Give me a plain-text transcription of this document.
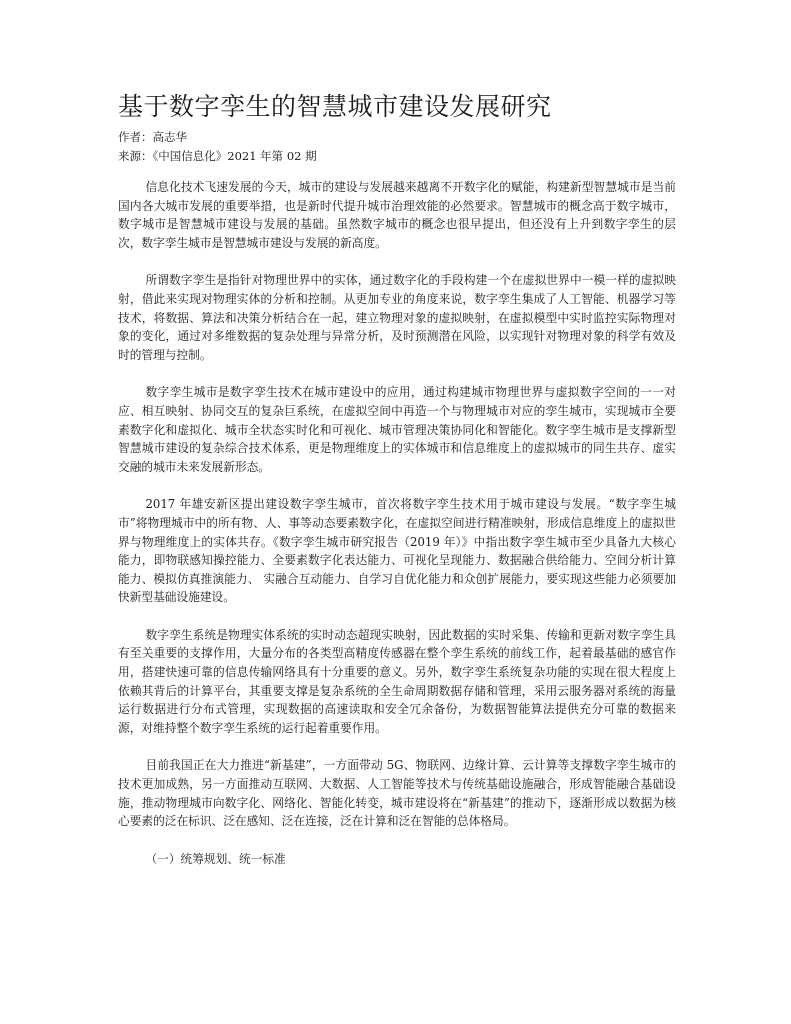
基于数字孪生的智慧城市建设发展研究
作者：高志华
来源：《中国信息化》2021 年第 02 期

信息化技术飞速发展的今天，城市的建设与发展越来越离不开数字化的赋能，构建新型智慧城市是当前国内各大城市发展的重要举措，也是新时代提升城市治理效能的必然要求。智慧城市的概念高于数字城市，数字城市是智慧城市建设与发展的基础。虽然数字城市的概念也很早提出，但还没有上升到数字孪生的层次，数字孪生城市是智慧城市建设与发展的新高度。

所谓数字孪生是指针对物理世界中的实体，通过数字化的手段构建一个在虚拟世界中一模一样的虚拟映射，借此来实现对物理实体的分析和控制。从更加专业的角度来说，数字孪生集成了人工智能、机器学习等技术，将数据、算法和决策分析结合在一起，建立物理对象的虚拟映射，在虚拟模型中实时监控实际物理对象的变化，通过对多维数据的复杂处理与异常分析，及时预测潜在风险，以实现针对物理对象的科学有效及时的管理与控制。

数字孪生城市是数字孪生技术在城市建设中的应用，通过构建城市物理世界与虚拟数字空间的一一对应、相互映射、协同交互的复杂巨系统，在虚拟空间中再造一个与物理城市对应的孪生城市，实现城市全要素数字化和虚拟化、城市全状态实时化和可视化、城市管理决策协同化和智能化。数字孪生城市是支撑新型智慧城市建设的复杂综合技术体系，更是物理维度上的实体城市和信息维度上的虚拟城市的同生共存、虚实交融的城市未来发展新形态。

2017 年雄安新区提出建设数字孪生城市，首次将数字孪生技术用于城市建设与发展。“数字孪生城市”将物理城市中的所有物、人、事等动态要素数字化，在虚拟空间进行精准映射，形成信息维度上的虚拟世界与物理维度上的实体共存。《数字孪生城市研究报告（2019 年）》中指出数字孪生城市至少具备九大核心能力，即物联感知操控能力、全要素数字化表达能力、可视化呈现能力、数据融合供给能力、空间分析计算能力、模拟仿真推演能力、 实融合互动能力、自学习自优化能力和众创扩展能力，要实现这些能力必须要加快新型基础设施建设。

数字孪生系统是物理实体系统的实时动态超现实映射，因此数据的实时采集、传输和更新对数字孪生具有至关重要的支撑作用，大量分布的各类型高精度传感器在整个孪生系统的前线工作，起着最基础的感官作用，搭建快速可靠的信息传输网络具有十分重要的意义。另外，数字孪生系统复杂功能的实现在很大程度上依赖其背后的计算平台，其重要支撑是复杂系统的全生命周期数据存储和管理，采用云服务器对系统的海量运行数据进行分布式管理，实现数据的高速读取和安全冗余备份，为数据智能算法提供充分可靠的数据来源，对维持整个数字孪生系统的运行起着重要作用。

目前我国正在大力推进“新基建”，一方面带动 5G、物联网、边缘计算、云计算等支撑数字孪生城市的技术更加成熟，另一方面推动互联网、大数据、人工智能等技术与传统基础设施融合，形成智能融合基础设施，推动物理城市向数字化、网络化、智能化转变，城市建设将在“新基建”的推动下，逐渐形成以数据为核心要素的泛在标识、泛在感知、泛在连接，泛在计算和泛在智能的总体格局。

（一）统筹规划、统一标准
